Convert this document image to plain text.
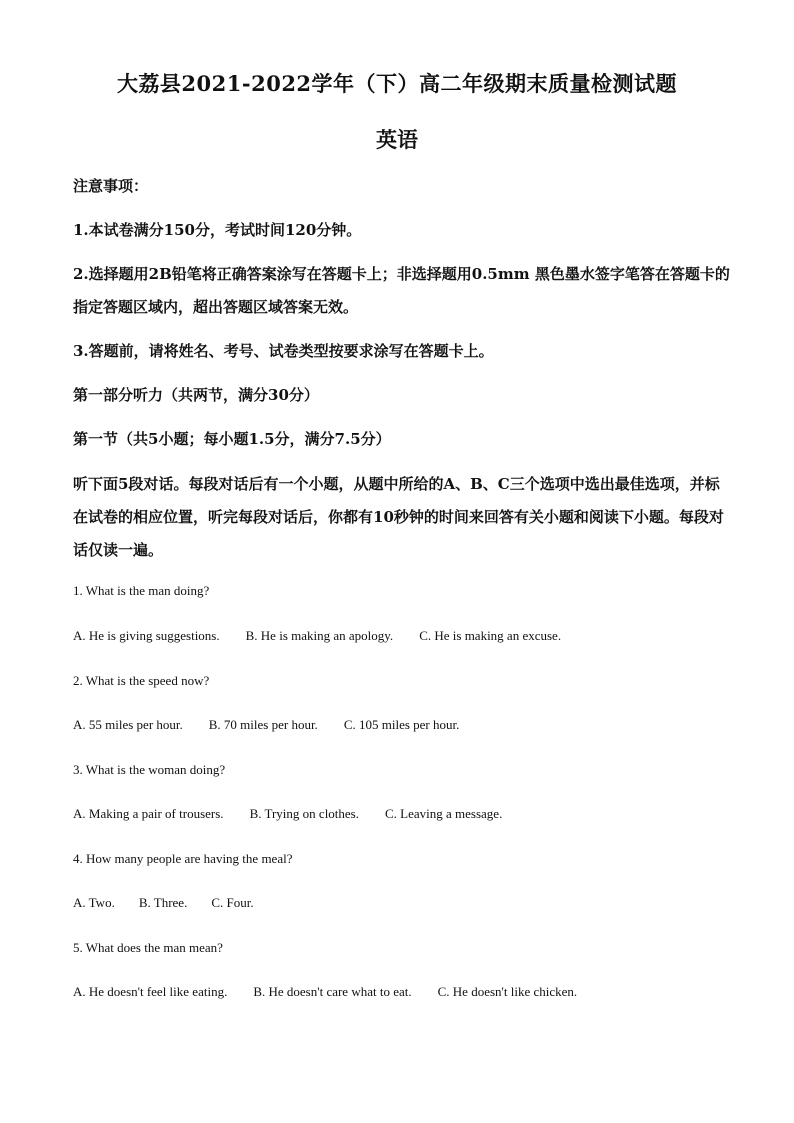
大荔县2021-2022学年（下）高二年级期末质量检测试题
英语
注意事项：
1.本试卷满分150分，考试时间120分钟。
2.选择题用2B铅笔将正确答案涂写在答题卡上；非选择题用0.5mm 黑色墨水签字笔答在答题卡的指定答题区域内，超出答题区域答案无效。
3.答题前，请将姓名、考号、试卷类型按要求涂写在答题卡上。
第一部分听力（共两节，满分30分）
第一节（共5小题；每小题1.5分，满分7.5分）
听下面5段对话。每段对话后有一个小题，从题中所给的A、B、C三个选项中选出最佳选项，并标在试卷的相应位置，听完每段对话后，你都有10秒钟的时间来回答有关小题和阅读下小题。每段对话仅读一遍。
1. What is the man doing?
A. He is giving suggestions. B. He is making an apology. C. He is making an excuse.
2. What is the speed now?
A. 55 miles per hour. B. 70 miles per hour. C. 105 miles per hour.
3. What is the woman doing?
A. Making a pair of trousers. B. Trying on clothes. C. Leaving a message.
4. How many people are having the meal?
A. Two. B. Three. C. Four.
5. What does the man mean?
A. He doesn't feel like eating. B. He doesn't care what to eat. C. He doesn't like chicken.
